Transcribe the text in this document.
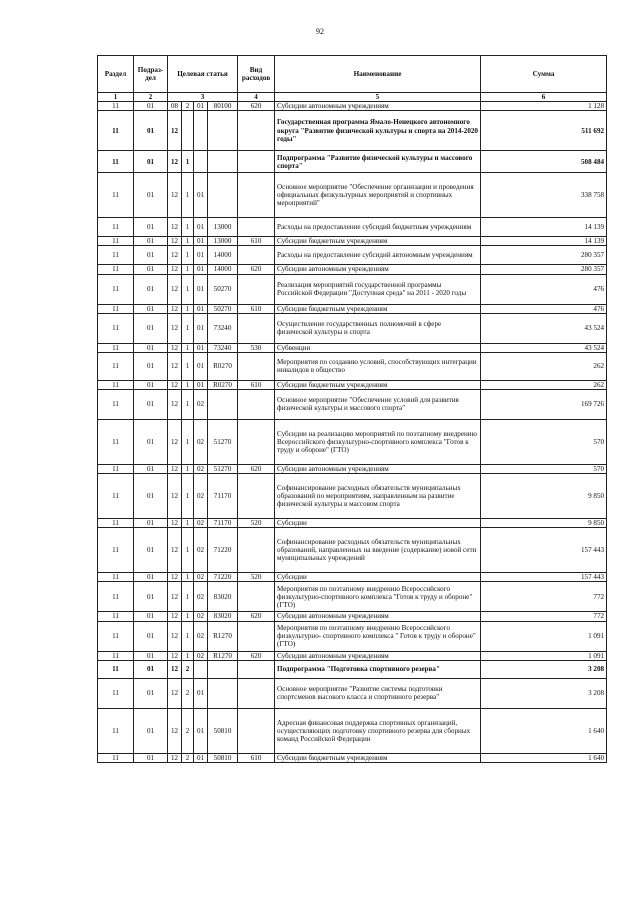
92
Раздел	Подраз-дел	Целевая статья				Вид расходов	Наименование	Сумма
1	2	3				4	5	6
11	01	08	2	01	80100	620	Субсидии автономным учреждениям	1 128
11	01	12					Государственная программа Ямало-Ненецкого автономного округа "Развитие физической культуры и спорта на 2014-2020 годы"	511 692
11	01	12	1				Подпрограмма "Развитие физической культуры и массового спорта"	508 484
11	01	12	1	01			Основное мероприятие "Обеспечение организации и проведения официальных физкультурных мероприятий и спортивных мероприятий"	338 758
11	01	12	1	01	13000		Расходы на предоставление субсидий бюджетным учреждениям	14 139
11	01	12	1	01	13000	610	Субсидии бюджетным учреждениям	14 139
11	01	12	1	01	14000		Расходы на предоставление субсидий автономным учреждениям	280 357
11	01	12	1	01	14000	620	Субсидии автономным учреждениям	280 357
11	01	12	1	01	50270		Реализация мероприятий государственной программы Российской Федерации "Доступная среда" на 2011 - 2020 годы	476
11	01	12	1	01	50270	610	Субсидии бюджетным учреждениям	476
11	01	12	1	01	73240		Осуществление государственных полномочий в сфере физической культуры и спорта	43 524
11	01	12	1	01	73240	530	Субвенции	43 524
11	01	12	1	01	R0270		Мероприятия по созданию условий, способствующих интеграции инвалидов в общество	262
11	01	12	1	01	R0270	610	Субсидии бюджетным учреждениям	262
11	01	12	1	02			Основное мероприятие "Обеспечение условий для развития физической культуры и массового спорта"	169 726
11	01	12	1	02	51270		Субсидии на реализацию мероприятий по поэтапному внедрению Всероссийского физкультурно-спортивного комплекса "Готов к труду и обороне" (ГТО)	570
11	01	12	1	02	51270	620	Субсидии автономным учреждениям	570
11	01	12	1	02	71170		Софинансирование расходных обязательств муниципальных образований по мероприятиям, направленным на развитие физической культуры в массовом спорта	9 850
11	01	12	1	02	71170	520	Субсидии	9 850
11	01	12	1	02	71220		Софинансирование расходных обязательств муниципальных образований, направленных на введение (содержание) новой сети муниципальных учреждений	157 443
11	01	12	1	02	71220	520	Субсидии	157 443
11	01	12	1	02	83020		Мероприятия по поэтапному внедрению Всероссийского физкультурно-спортивного комплекса "Готов к труду и обороне" (ГТО)	772
11	01	12	1	02	83020	620	Субсидии автономным учреждениям	772
11	01	12	1	02	R1270		Мероприятия по поэтапному внедрению Всероссийского физкультурно- спортивного комплекса " Готов к труду и обороне" (ГТО)	1 091
11	01	12	1	02	R1270	620	Субсидии автономным учреждениям	1 091
11	01	12	2				Подпрограмма "Подготовка спортивного резерва"	3 208
11	01	12	2	01			Основное мероприятие "Развитие системы подготовки спортсменов высокого класса и спортивного резерва"	3 208
11	01	12	2	01	50810		Адресная финансовая поддержка спортивных организаций, осуществляющих подготовку спортивного резерва для сборных команд Российской Федерации	1 640
11	01	12	2	01	50810	610	Субсидии бюджетным учреждениям	1 640
